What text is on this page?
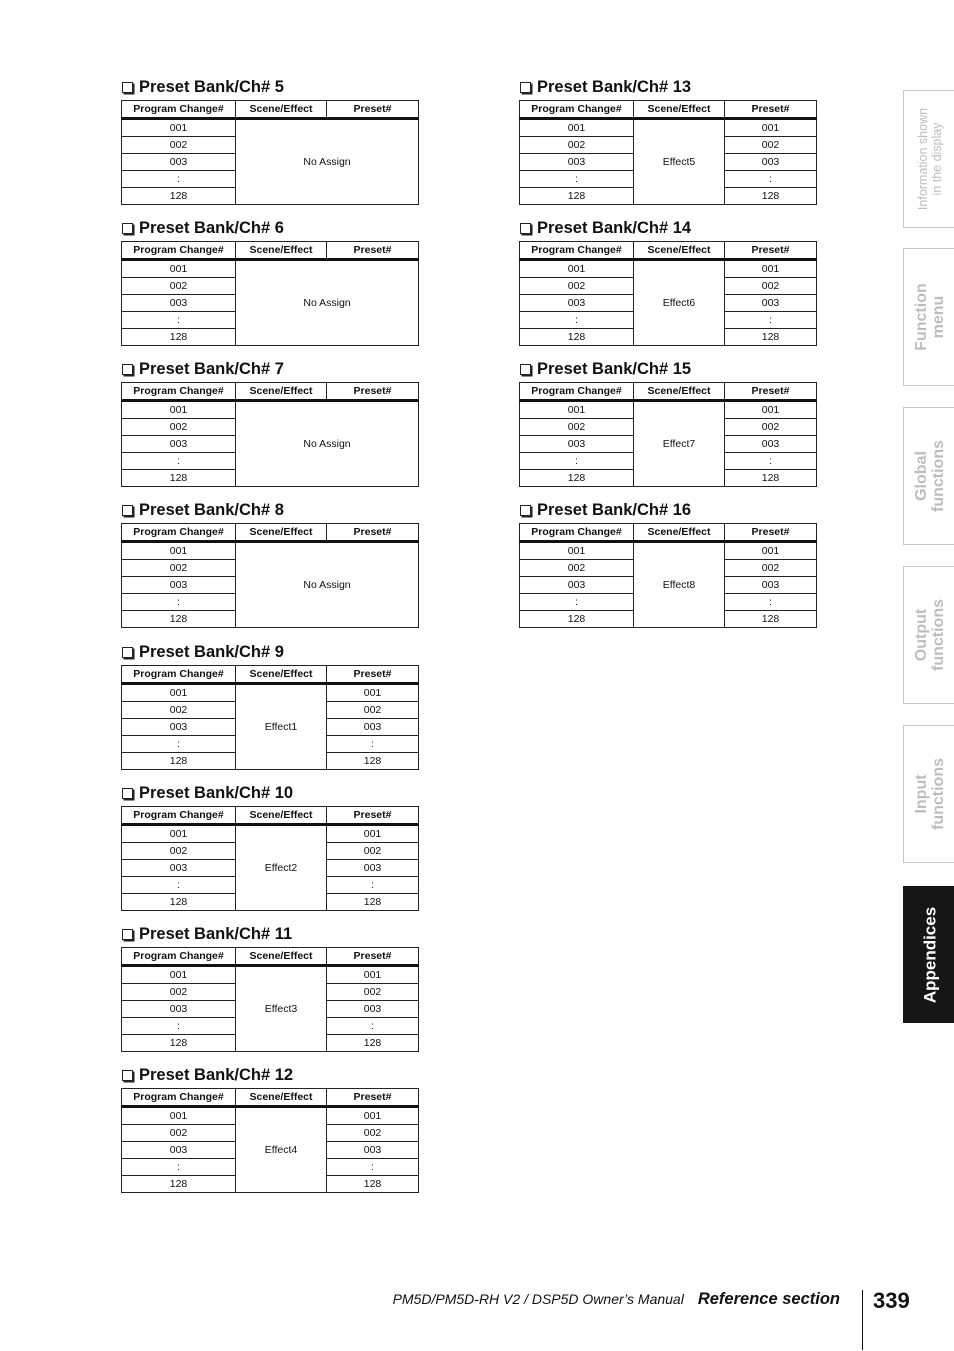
Preset Bank/Ch# 5
Program Change#	Scene/Effect	Preset#
001	No Assign	
002		
003		
:		
128		
Preset Bank/Ch# 6
Program Change#	Scene/Effect	Preset#
001	No Assign	
002		
003		
:		
128		
Preset Bank/Ch# 7
Program Change#	Scene/Effect	Preset#
001	No Assign	
002		
003		
:		
128		
Preset Bank/Ch# 8
Program Change#	Scene/Effect	Preset#
001	No Assign	
002		
003		
:		
128		
Preset Bank/Ch# 9
Program Change#	Scene/Effect	Preset#
001	Effect1	001
002		002
003		003
:		:
128		128
Preset Bank/Ch# 10
Program Change#	Scene/Effect	Preset#
001	Effect2	001
002		002
003		003
:		:
128		128
Preset Bank/Ch# 11
Program Change#	Scene/Effect	Preset#
001	Effect3	001
002		002
003		003
:		:
128		128
Preset Bank/Ch# 12
Program Change#	Scene/Effect	Preset#
001	Effect4	001
002		002
003		003
:		:
128		128
Preset Bank/Ch# 13
Program Change#	Scene/Effect	Preset#
001	Effect5	001
002		002
003		003
:		:
128		128
Preset Bank/Ch# 14
Program Change#	Scene/Effect	Preset#
001	Effect6	001
002		002
003		003
:		:
128		128
Preset Bank/Ch# 15
Program Change#	Scene/Effect	Preset#
001	Effect7	001
002		002
003		003
:		:
128		128
Preset Bank/Ch# 16
Program Change#	Scene/Effect	Preset#
001	Effect8	001
002		002
003		003
:		:
128		128
Information shown in the display
Function menu
Global functions
Output functions
Input functions
Appendices
PM5D/PM5D-RH V2 / DSP5D Owner’s Manual Reference section 339
